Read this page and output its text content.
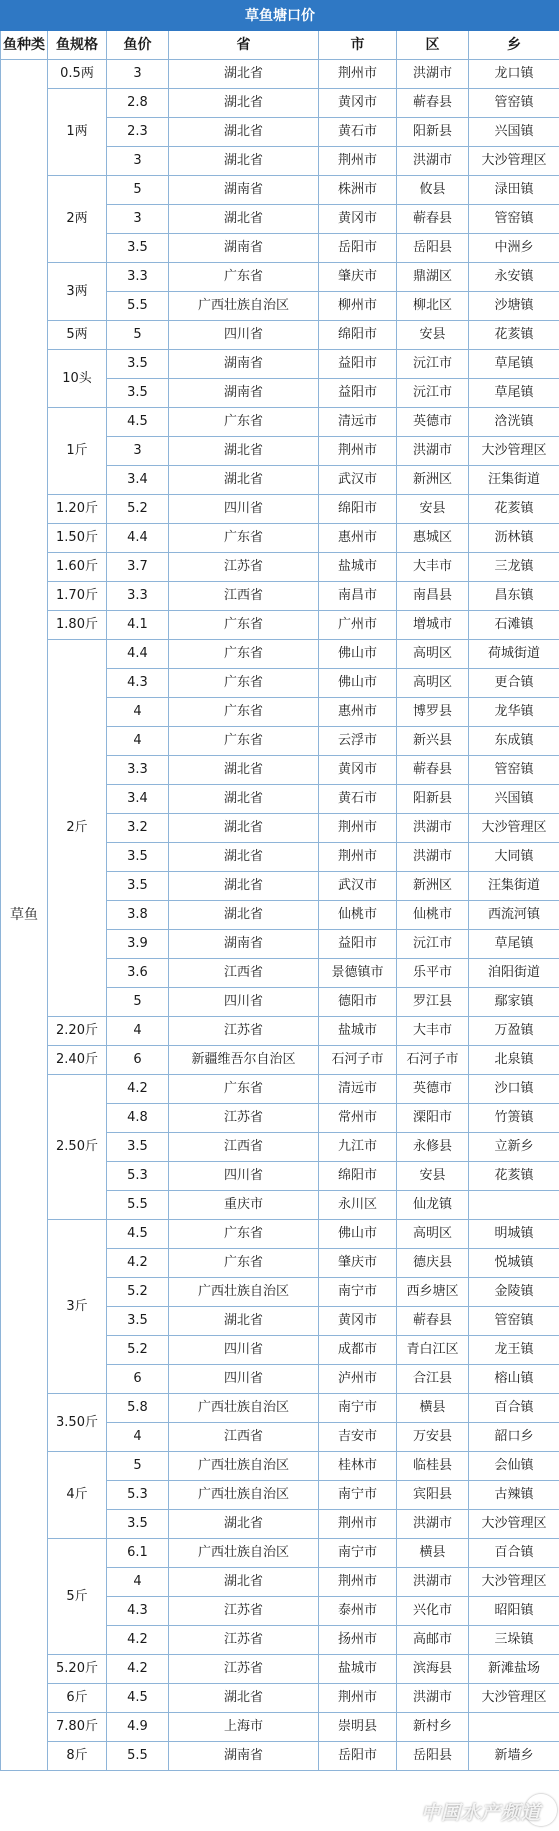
草鱼塘口价						
鱼种类	鱼规格	鱼价	省	市	区	乡
草鱼	0.5两	3	湖北省	荆州市	洪湖市	龙口镇
	1两	2.8	湖北省	黄冈市	蕲春县	管窑镇
		2.3	湖北省	黄石市	阳新县	兴国镇
		3	湖北省	荆州市	洪湖市	大沙管理区
	2两	5	湖南省	株洲市	攸县	渌田镇
		3	湖北省	黄冈市	蕲春县	管窑镇
		3.5	湖南省	岳阳市	岳阳县	中洲乡
	3两	3.3	广东省	肇庆市	鼎湖区	永安镇
		5.5	广西壮族自治区	柳州市	柳北区	沙塘镇
	5两	5	四川省	绵阳市	安县	花荄镇
	10头	3.5	湖南省	益阳市	沅江市	草尾镇
		3.5	湖南省	益阳市	沅江市	草尾镇
	1斤	4.5	广东省	清远市	英德市	浛洸镇
		3	湖北省	荆州市	洪湖市	大沙管理区
		3.4	湖北省	武汉市	新洲区	汪集街道
	1.20斤	5.2	四川省	绵阳市	安县	花荄镇
	1.50斤	4.4	广东省	惠州市	惠城区	沥林镇
	1.60斤	3.7	江苏省	盐城市	大丰市	三龙镇
	1.70斤	3.3	江西省	南昌市	南昌县	昌东镇
	1.80斤	4.1	广东省	广州市	增城市	石滩镇
	2斤	4.4	广东省	佛山市	高明区	荷城街道
		4.3	广东省	佛山市	高明区	更合镇
		4	广东省	惠州市	博罗县	龙华镇
		4	广东省	云浮市	新兴县	东成镇
		3.3	湖北省	黄冈市	蕲春县	管窑镇
		3.4	湖北省	黄石市	阳新县	兴国镇
		3.2	湖北省	荆州市	洪湖市	大沙管理区
		3.5	湖北省	荆州市	洪湖市	大同镇
		3.5	湖北省	武汉市	新洲区	汪集街道
		3.8	湖北省	仙桃市	仙桃市	西流河镇
		3.9	湖南省	益阳市	沅江市	草尾镇
		3.6	江西省	景德镇市	乐平市	洎阳街道
		5	四川省	德阳市	罗江县	鄢家镇
	2.20斤	4	江苏省	盐城市	大丰市	万盈镇
	2.40斤	6	新疆维吾尔自治区	石河子市	石河子市	北泉镇
	2.50斤	4.2	广东省	清远市	英德市	沙口镇
		4.8	江苏省	常州市	溧阳市	竹箦镇
		3.5	江西省	九江市	永修县	立新乡
		5.3	四川省	绵阳市	安县	花荄镇
		5.5	重庆市	永川区	仙龙镇	
	3斤	4.5	广东省	佛山市	高明区	明城镇
		4.2	广东省	肇庆市	德庆县	悦城镇
		5.2	广西壮族自治区	南宁市	西乡塘区	金陵镇
		3.5	湖北省	黄冈市	蕲春县	管窑镇
		5.2	四川省	成都市	青白江区	龙王镇
		6	四川省	泸州市	合江县	榕山镇
	3.50斤	5.8	广西壮族自治区	南宁市	横县	百合镇
		4	江西省	吉安市	万安县	韶口乡
	4斤	5	广西壮族自治区	桂林市	临桂县	会仙镇
		5.3	广西壮族自治区	南宁市	宾阳县	古辣镇
		3.5	湖北省	荆州市	洪湖市	大沙管理区
	5斤	6.1	广西壮族自治区	南宁市	横县	百合镇
		4	湖北省	荆州市	洪湖市	大沙管理区
		4.3	江苏省	泰州市	兴化市	昭阳镇
		4.2	江苏省	扬州市	高邮市	三垛镇
	5.20斤	4.2	江苏省	盐城市	滨海县	新滩盐场
	6斤	4.5	湖北省	荆州市	洪湖市	大沙管理区
	7.80斤	4.9	上海市	崇明县	新村乡	
	8斤	5.5	湖南省	岳阳市	岳阳县	新墙乡
中国水产频道
